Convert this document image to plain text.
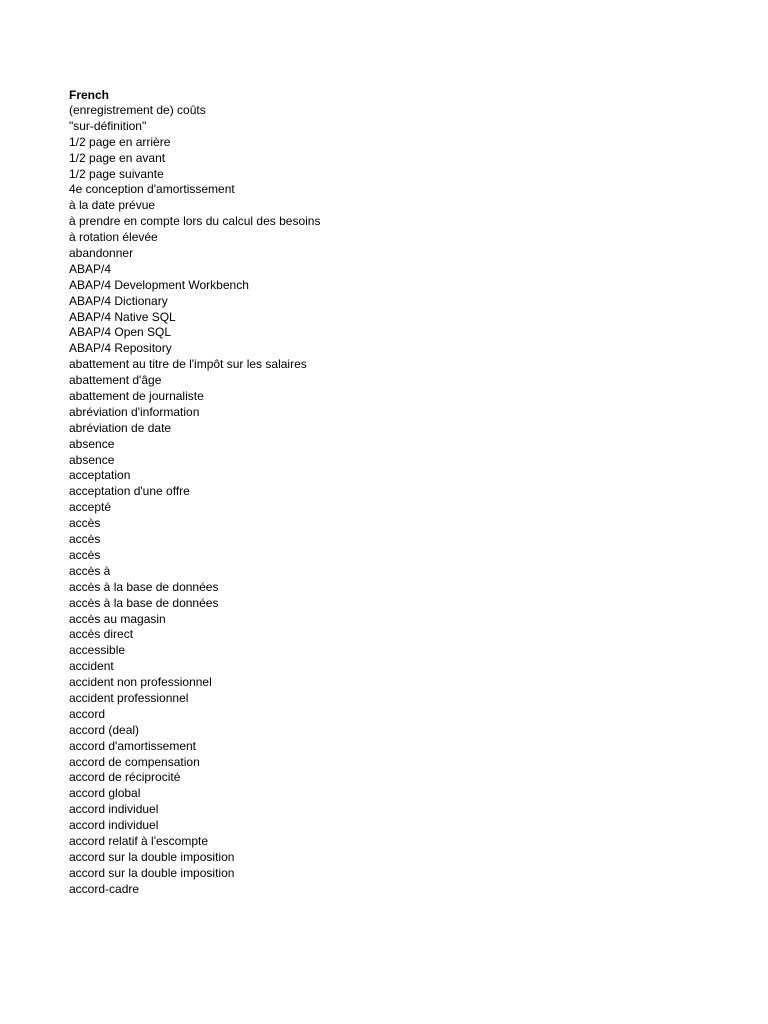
French
(enregistrement de) coûts
"sur-définition"
1/2 page en arrière
1/2 page en avant
1/2 page suivante
4e conception d'amortissement
à la date prévue
à prendre en compte lors du calcul des besoins
à rotation élevée
abandonner
ABAP/4
ABAP/4 Development Workbench
ABAP/4 Dictionary
ABAP/4 Native SQL
ABAP/4 Open SQL
ABAP/4 Repository
abattement au titre de l'impôt sur les salaires
abattement d'âge
abattement de journaliste
abréviation d'information
abréviation de date
absence
absence
acceptation
acceptation d'une offre
accepté
accès
accès
accès
accès à
accès à la base de données
accès à la base de données
accès au magasin
accès direct
accessible
accident
accident non professionnel
accident professionnel
accord
accord (deal)
accord d'amortissement
accord de compensation
accord de réciprocité
accord global
accord individuel
accord individuel
accord relatif à l'escompte
accord sur la double imposition
accord sur la double imposition
accord-cadre
